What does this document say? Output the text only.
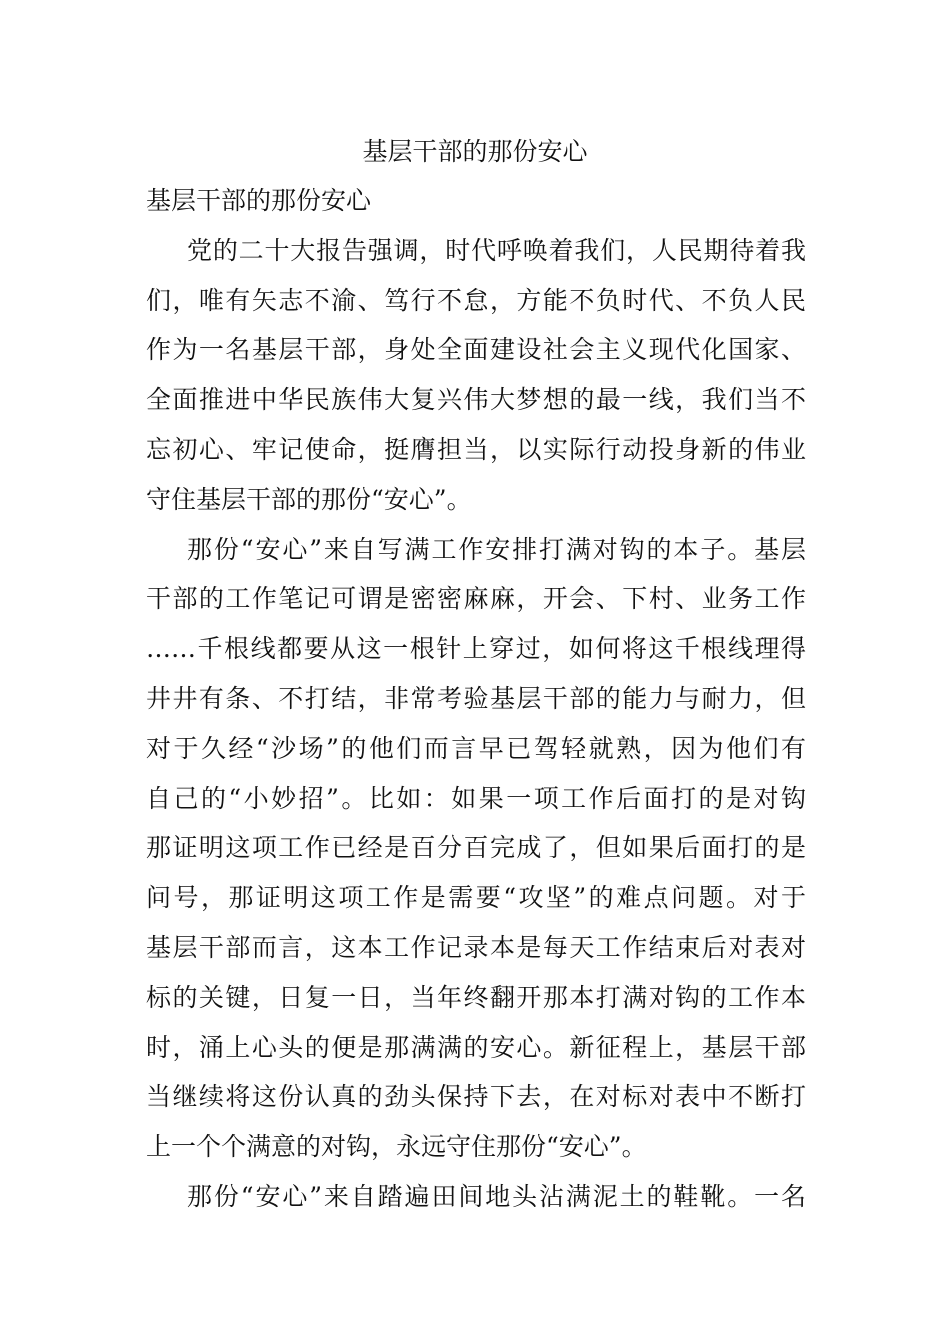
基层干部的那份安心
基层干部的那份安心
党的二十大报告强调，时代呼唤着我们，人民期待着我
们，唯有矢志不渝、笃行不怠，方能不负时代、不负人民
作为一名基层干部，身处全面建设社会主义现代化国家、
全面推进中华民族伟大复兴伟大梦想的最一线，我们当不
忘初心、牢记使命，挺膺担当，以实际行动投身新的伟业
守住基层干部的那份“安心”。
那份“安心”来自写满工作安排打满对钩的本子。基层
干部的工作笔记可谓是密密麻麻，开会、下村、业务工作
……千根线都要从这一根针上穿过，如何将这千根线理得
井井有条、不打结，非常考验基层干部的能力与耐力，但
对于久经“沙场”的他们而言早已驾轻就熟，因为他们有
自己的“小妙招”。比如：如果一项工作后面打的是对钩
那证明这项工作已经是百分百完成了，但如果后面打的是
问号，那证明这项工作是需要“攻坚”的难点问题。对于
基层干部而言，这本工作记录本是每天工作结束后对表对
标的关键，日复一日，当年终翻开那本打满对钩的工作本
时，涌上心头的便是那满满的安心。新征程上，基层干部
当继续将这份认真的劲头保持下去，在对标对表中不断打
上一个个满意的对钩，永远守住那份“安心”。
那份“安心”来自踏遍田间地头沾满泥土的鞋靴。一名
